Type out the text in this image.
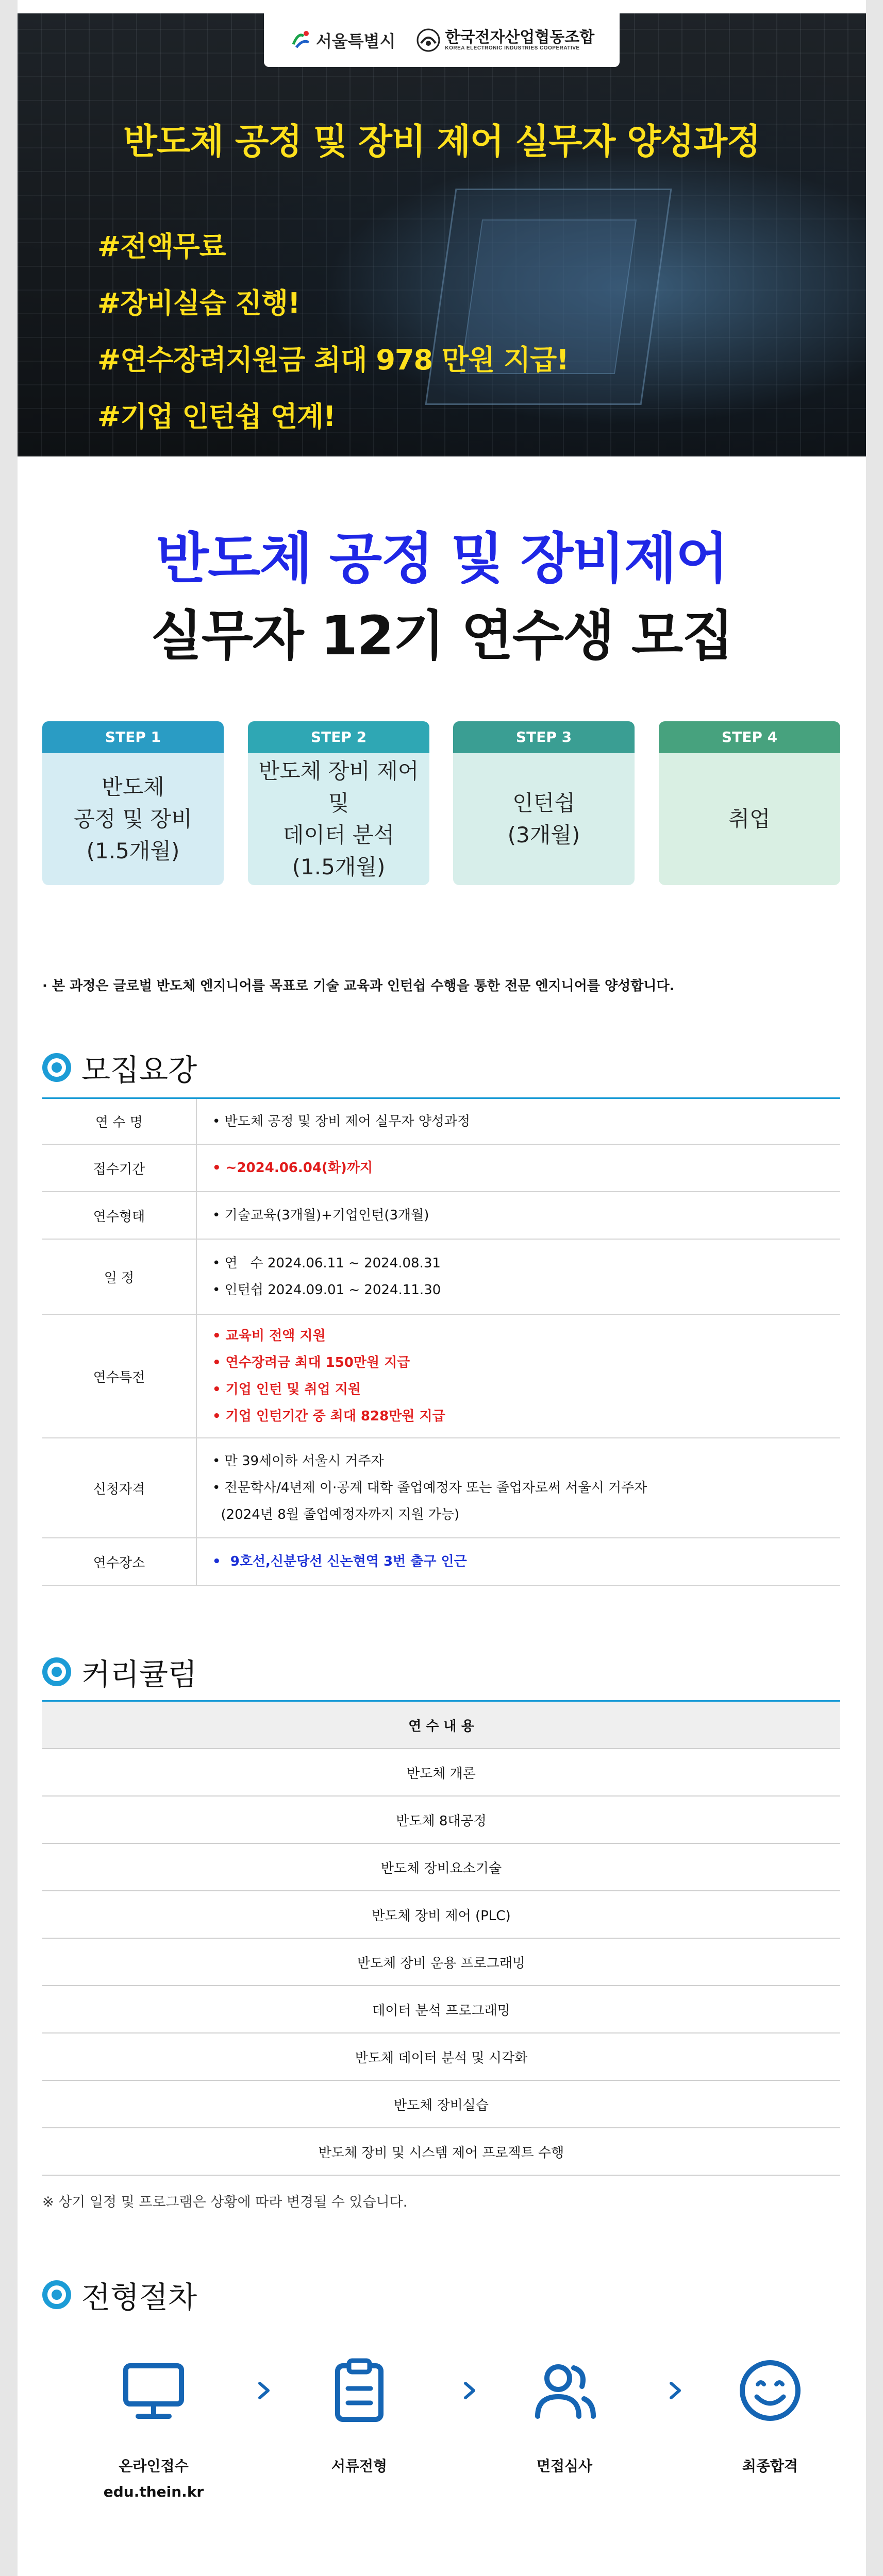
서울특별시	한국전자산업협동조합
KOREA ELECTRONIC INDUSTRIES COOPERATIVE
반도체 공정 및 장비 제어 실무자 양성과정
#전액무료
#장비실습 진행!
#연수장려지원금 최대 978 만원 지급!
#기업 인턴쉽 연계!
반도체 공정 및 장비제어
실무자 12기 연수생 모집
STEP 1
반도체
공정 및 장비
(1.5개월)
STEP 2
반도체 장비 제어 및
데이터 분석
(1.5개월)
STEP 3
인턴쉽
(3개월)
STEP 4
취업
· 본 과정은 글로벌 반도체 엔지니어를 목표로 기술 교육과 인턴쉽 수행을 통한 전문 엔지니어를 양성합니다.
모집요강
연 수 명	• 반도체 공정 및 장비 제어 실무자 양성과정
접수기간	• ~2024.06.04(화)까지
연수형태	• 기술교육(3개월)+기업인턴(3개월)
일 정
• 연   수 2024.06.11 ~ 2024.08.31
• 인턴쉽 2024.09.01 ~ 2024.11.30
연수특전
• 교육비 전액 지원
• 연수장려금 최대 150만원 지급
• 기업 인턴 및 취업 지원
• 기업 인턴기간 중 최대 828만원 지급
신청자격
• 만 39세이하 서울시 거주자
• 전문학사/4년제 이·공계 대학 졸업예정자 또는 졸업자로써 서울시 거주자
(2024년 8월 졸업예정자까지 지원 가능)
연수장소	•  9호선,신분당선 신논현역 3번 출구 인근
커리큘럼
연 수 내 용
반도체 개론
반도체 8대공정
반도체 장비요소기술
반도체 장비 제어 (PLC)
반도체 장비 운용 프로그래밍
데이터 분석 프로그래밍
반도체 데이터 분석 및 시각화
반도체 장비실습
반도체 장비 및 시스템 제어 프로젝트 수행
※ 상기 일정 및 프로그램은 상황에 따라 변경될 수 있습니다.
전형절차
온라인접수
edu.thein.kr
서류전형	면접심사	최종합격
